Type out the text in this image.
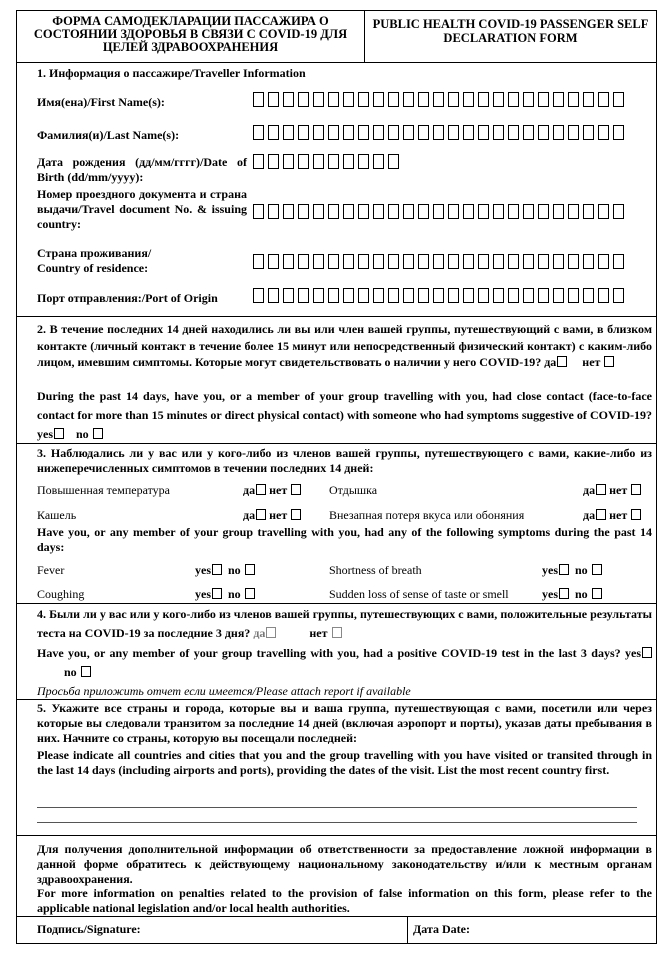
ФОРМА САМОДЕКЛАРАЦИИ ПАССАЖИРА О СОСТОЯНИИ ЗДОРОВЬЯ В СВЯЗИ С COVID-19 ДЛЯ ЦЕЛЕЙ ЗДРАВООХРАНЕНИЯ
PUBLIC HEALTH COVID-19 PASSENGER SELF DECLARATION FORM
1. Информация о пассажире/Traveller Information
Имя(ена)/First Name(s):
Фамилия(и)/Last Name(s):
Дата рождения (дд/мм/гггг)/Date of Birth (dd/mm/yyyy):
Номер проездного документа и страна выдачи/Travel document No. & issuing country:
Страна проживания/ Country of residence:
Порт отправления:/Port of Origin
2. В течение последних 14 дней находились ли вы или член вашей группы, путешествующий с вами, в близком контакте (личный контакт в течение более 15 минут или непосредственный физический контакт) с каким-либо лицом, имевшим симптомы. Которые могут свидетельствовать о наличии у него COVID-19? да нет
During the past 14 days, have you, or a member of your group travelling with you, had close contact (face-to-face contact for more than 15 minutes or direct physical contact) with someone who had symptoms suggestive of COVID-19? yes no
3. Наблюдались ли у вас или у кого-либо из членов вашей группы, путешествующего с вами, какие-либо из нижеперечисленных симптомов в течении последних 14 дней:
Повышенная температура	да нет	Отдышка	да нет
Кашель	да нет	Внезапная потеря вкуса или обоняния	да нет
Have you, or any member of your group travelling with you, had any of the following symptoms during the past 14 days:
Fever	yes no	Shortness of breath	yes no
Coughing	yes no	Sudden loss of sense of taste or smell	yes no
4. Были ли у вас или у кого-либо из членов вашей группы, путешествующих с вами, положительные результаты теста на COVID-19 за последние 3 дня? да	нет
Have you, or any member of your group travelling with you, had a positive COVID-19 test in the last 3 days? yes          no
Просьба приложить отчет если имеется/Please attach report if available
5. Укажите все страны и города, которые вы и ваша группа, путешествующая с вами, посетили или через которые вы следовали транзитом за последние 14 дней (включая аэропорт и порты), указав даты пребывания в них. Начните со страны, которую вы посещали последней:
Please indicate all countries and cities that you and the group travelling with you have visited or transited through in the last 14 days (including airports and ports), providing the dates of the visit. List the most recent country first.
Для получения дополнительной информации об ответственности за предоставление ложной информации в данной форме обратитесь к действующему национальному законодательству и/или к местным органам здравоохранения.
For more information on penalties related to the provision of false information on this form, please refer to the applicable national legislation and/or local health authorities.
Подпись/Signature:	Дата Date:
